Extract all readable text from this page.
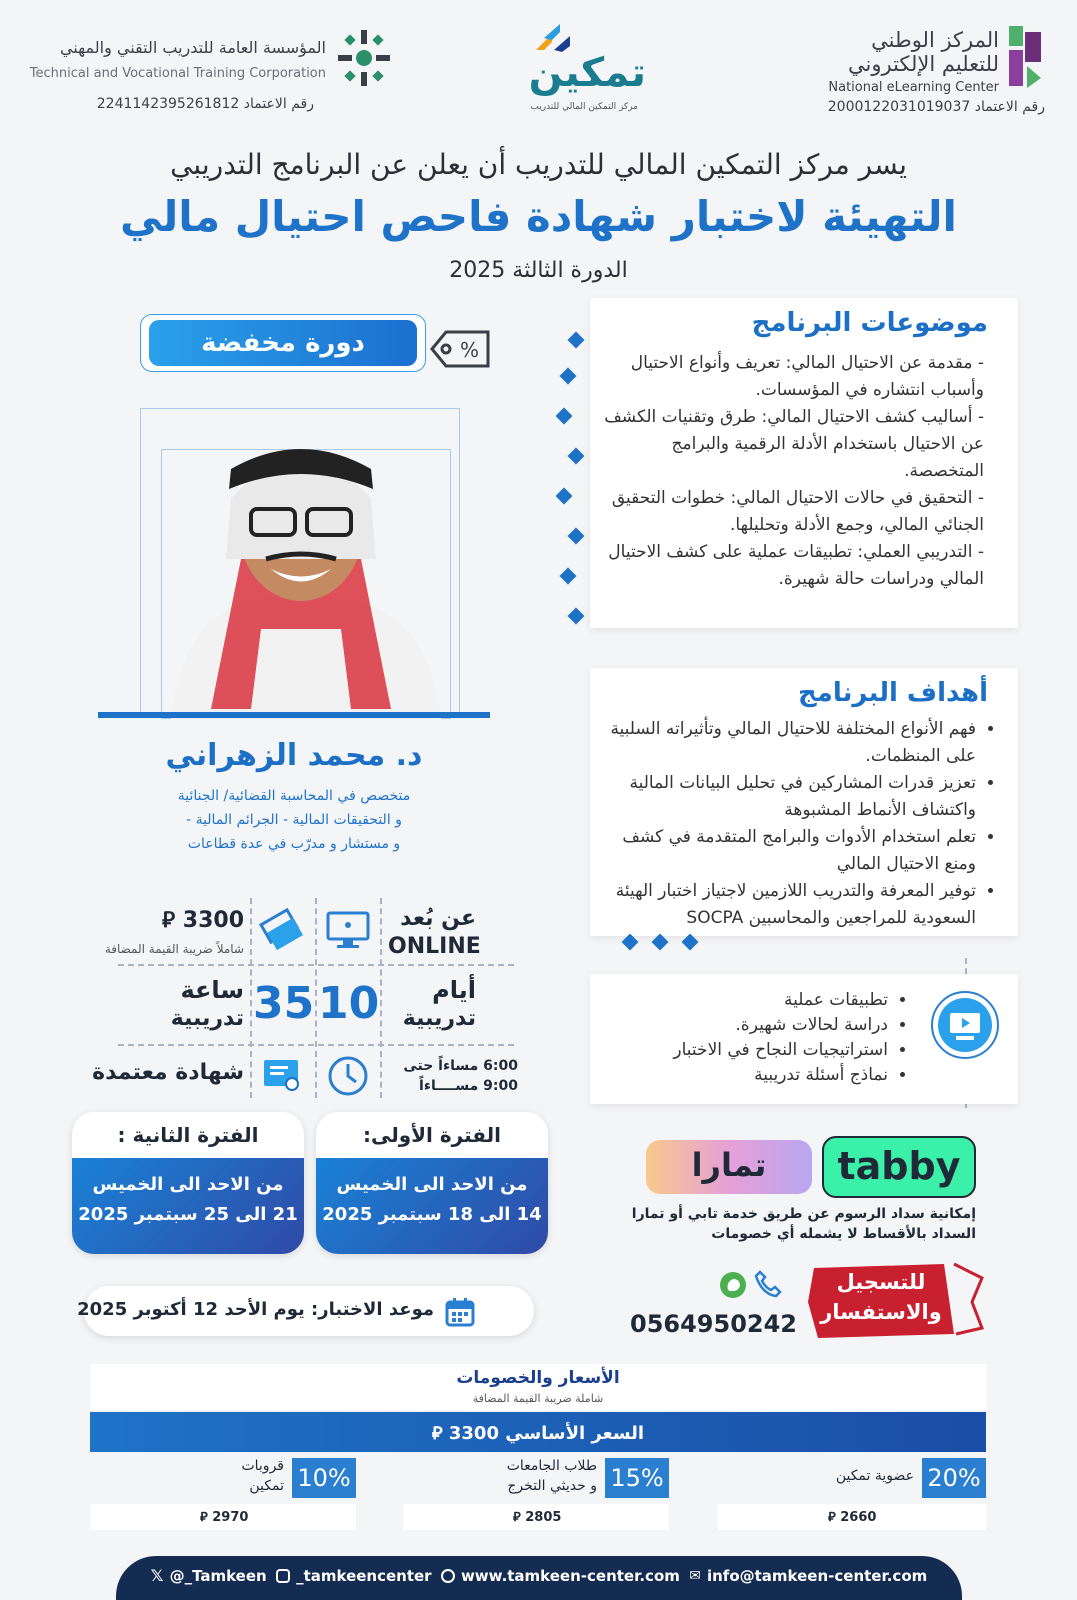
المركز الوطني
للتعليم الإلكتروني
National eLearning Center
رقم الاعتماد 2000122031019037
تمكين
مركز التمكين المالي للتدريب
المؤسسة العامة للتدريب التقني والمهني
Technical and Vocational Training Corporation
رقم الاعتماد 2241142395261812
يسر مركز التمكين المالي للتدريب أن يعلن عن البرنامج التدريبي
التهيئة لاختبار شهادة فاحص احتيال مالي
الدورة الثالثة 2025
دورة مخفضة	%
د. محمد الزهراني
متخصص في المحاسبة القضائية/ الجنائية
و التحقيقات المالية - الجرائم المالية -
و مستشار و مدرّب في عدة قطاعات
موضوعات البرنامج
- مقدمة عن الاحتيال المالي: تعريف وأنواع الاحتيال وأسباب انتشاره في المؤسسات.
- أساليب كشف الاحتيال المالي: طرق وتقنيات الكشف عن الاحتيال باستخدام الأدلة الرقمية والبرامج المتخصصة.
- التحقيق في حالات الاحتيال المالي: خطوات التحقيق الجنائي المالي، وجمع الأدلة وتحليلها.
- التدريبي العملي: تطبيقات عملية على كشف الاحتيال المالي ودراسات حالة شهيرة.
أهداف البرنامج
• فهم الأنواع المختلفة للاحتيال المالي وتأثيراته السلبية على المنظمات.
• تعزيز قدرات المشاركين في تحليل البيانات المالية واكتشاف الأنماط المشبوهة
• تعلم استخدام الأدوات والبرامج المتقدمة في كشف ومنع الاحتيال المالي
• توفير المعرفة والتدريب اللازمين لاجتياز اختبار الهيئة السعودية للمراجعين والمحاسبين SOCPA
• تطبيقات عملية
• دراسة لحالات شهيرة.
• استراتيجيات النجاح في الاختبار
• نماذج أسئلة تدريبية
عن بُعد
ONLINE
3300 ⃁
شاملاً ضريبة القيمة المضافة
أيام
تدريبية
10
35
ساعة
تدريبية
6:00 مساءاً حتى
9:00 مســــاءاً
شهادة معتمدة
الفترة الأولى:
من الاحد الى الخميس
14 الى 18 سبتمبر 2025
الفترة الثانية :
من الاحد الى الخميس
21 الى 25 سبتمبر 2025
موعد الاختبار: يوم الأحد 12 أكتوبر 2025
tabby
تمارا
إمكانية سداد الرسوم عن طريق خدمة تابي أو تمارا
السداد بالأقساط لا يشمله أي خصومات
0564950242
للتسجيل
والاستفسار
الأسعار والخصومات
شاملة ضريبة القيمة المضافة
السعر الأساسي 3300 ⃁
10%
قروبات
تمكين
2970 ⃁
15%
طلاب الجامعات
و حديثي التخرج
2805 ⃁
20%
عضوية تمكين
2660 ⃁
𝕏 @_Tamkeen _tamkeencenter www.tamkeen-center.com ✉ info@tamkeen-center.com
